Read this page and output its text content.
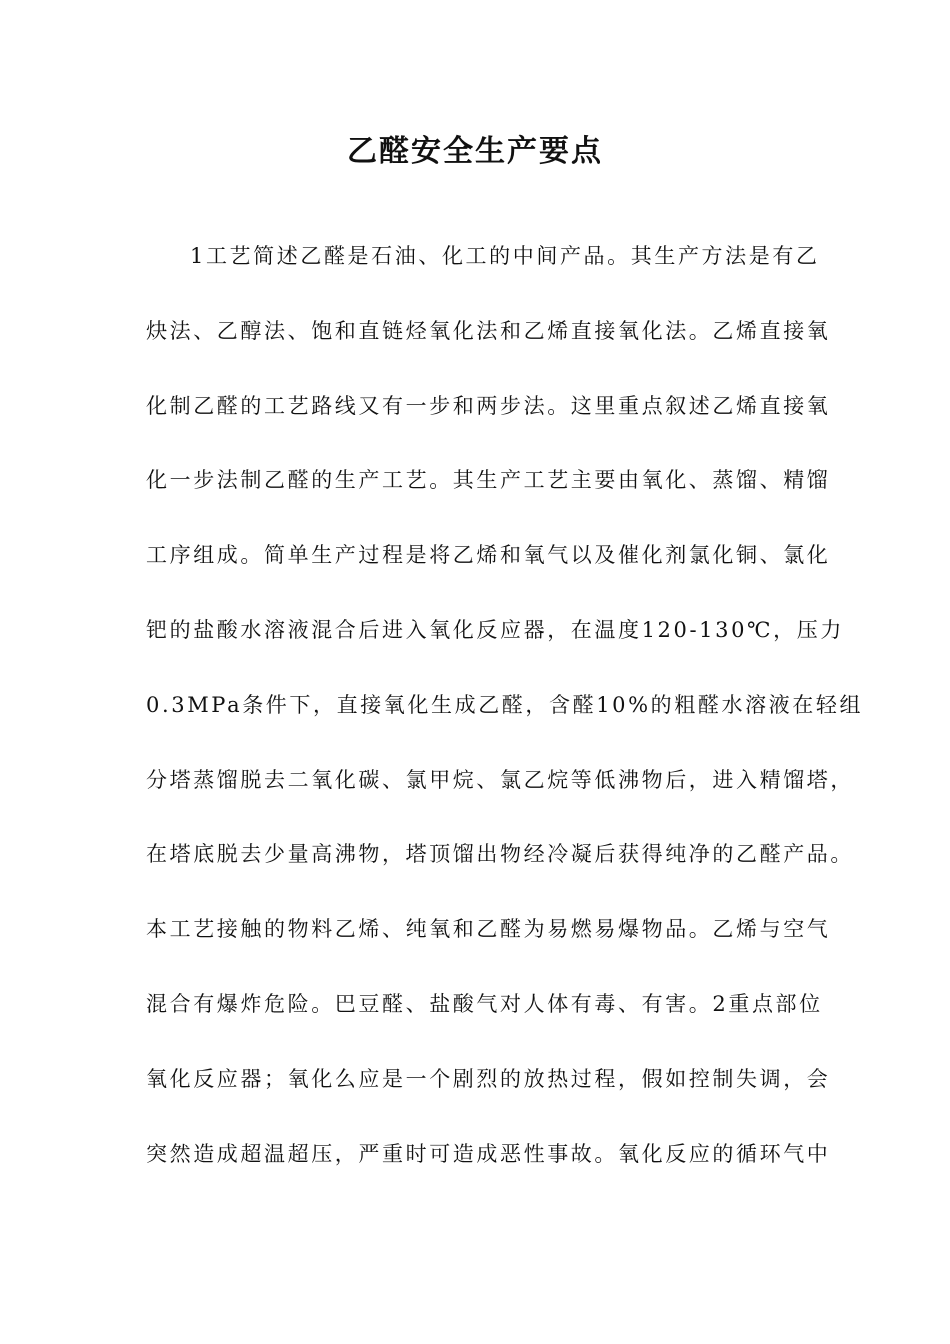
乙醛安全生产要点
1工艺简述乙醛是石油、化工的中间产品。其生产方法是有乙
炔法、乙醇法、饱和直链烃氧化法和乙烯直接氧化法。乙烯直接氧
化制乙醛的工艺路线又有一步和两步法。这里重点叙述乙烯直接氧
化一步法制乙醛的生产工艺。其生产工艺主要由氧化、蒸馏、精馏
工序组成。简单生产过程是将乙烯和氧气以及催化剂氯化铜、氯化
钯的盐酸水溶液混合后进入氧化反应器，在温度120-130℃，压力
0.3MPa条件下，直接氧化生成乙醛，含醛10%的粗醛水溶液在轻组
分塔蒸馏脱去二氧化碳、氯甲烷、氯乙烷等低沸物后，进入精馏塔，
在塔底脱去少量高沸物，塔顶馏出物经冷凝后获得纯净的乙醛产品。
本工艺接触的物料乙烯、纯氧和乙醛为易燃易爆物品。乙烯与空气
混合有爆炸危险。巴豆醛、盐酸气对人体有毒、有害。2重点部位
氧化反应器；氧化么应是一个剧烈的放热过程，假如控制失调，会
突然造成超温超压，严重时可造成恶性事故。氧化反应的循环气中
